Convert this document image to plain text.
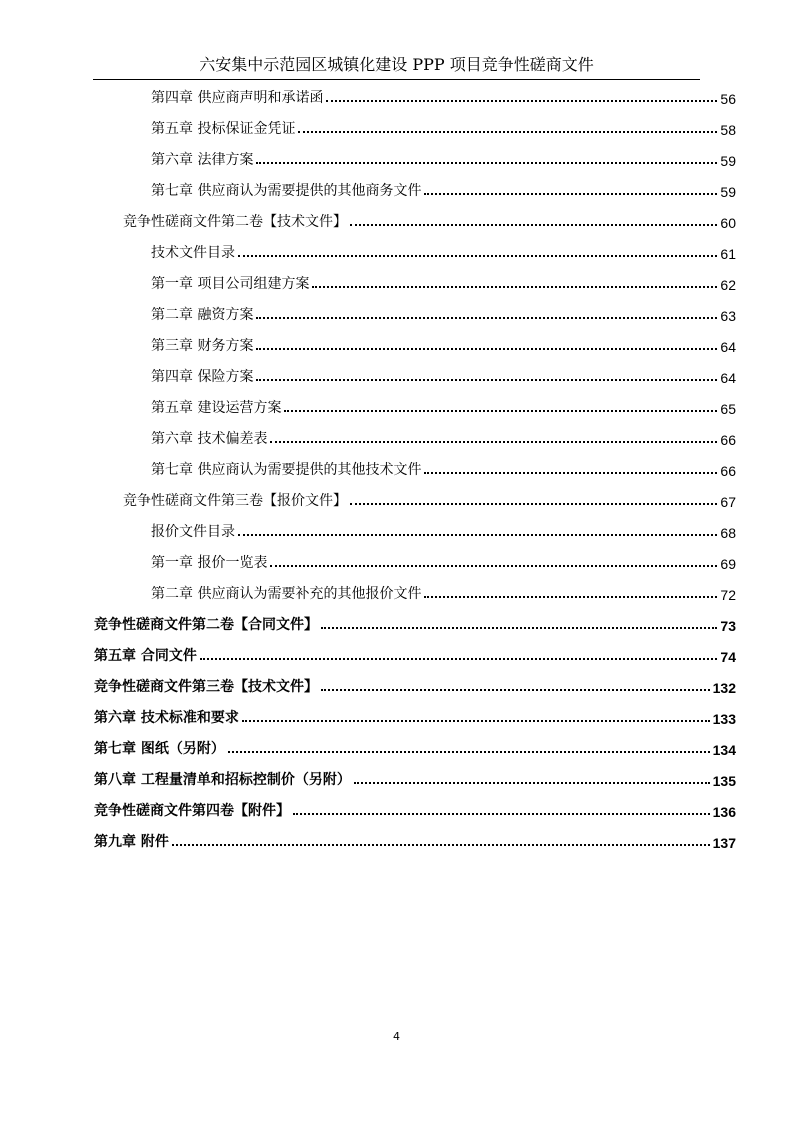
六安集中示范园区城镇化建设 PPP 项目竞争性磋商文件
第四章 供应商声明和承诺函	56
第五章 投标保证金凭证	58
第六章 法律方案	59
第七章 供应商认为需要提供的其他商务文件	59
竞争性磋商文件第二卷【技术文件】	60
技术文件目录	61
第一章 项目公司组建方案	62
第二章 融资方案	63
第三章 财务方案	64
第四章 保险方案	64
第五章 建设运营方案	65
第六章 技术偏差表	66
第七章 供应商认为需要提供的其他技术文件	66
竞争性磋商文件第三卷【报价文件】	67
报价文件目录	68
第一章 报价一览表	69
第二章 供应商认为需要补充的其他报价文件	72
竞争性磋商文件第二卷【合同文件】	73
第五章 合同文件	74
竞争性磋商文件第三卷【技术文件】	132
第六章 技术标准和要求	133
第七章 图纸（另附）	134
第八章 工程量清单和招标控制价（另附）	135
竞争性磋商文件第四卷【附件】	136
第九章 附件	137
4
